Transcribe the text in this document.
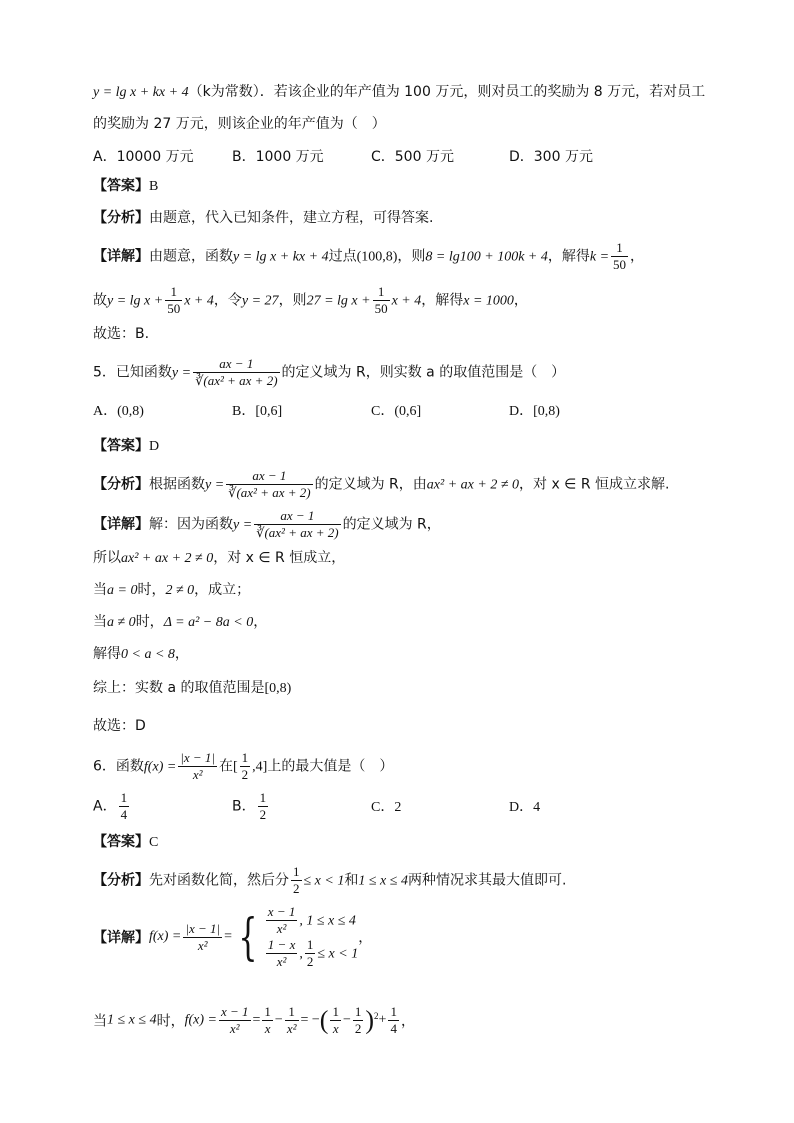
y = lg x + kx + 4（k为常数）．若该企业的年产值为 100 万元，则对员工的奖励为 8 万元，若对员工
的奖励为 27 万元，则该企业的年产值为（　）
A．10000 万元	B．1000 万元	C．500 万元	D．300 万元
【答案】B
【分析】由题意，代入已知条件，建立方程，可得答案.
【详解】由题意，函数y = lg x + kx + 4过点(100,8)，则8 = lg100 + 100k + 4，解得$k = \frac{1}{50}$ ，
故$y = \lg x + \frac{1}{50}$ x + 4，令y = 27，则$27 = \lg x + \frac{1}{50}$ x + 4，解得x = 1000，
故选：B.
5．已知函数$y = \frac{ax - 1}{\text{∛(ax² + ax + 2)}}$ 的定义域为 R，则实数 a 的取值范围是（　）
A．(0,8)	B．[0,6]	C．(0,6]	D．[0,8)
【答案】D
【分析】根据函数$y = \frac{ax - 1}{\text{∛(ax² + ax + 2)}}$ 的定义域为 R，由ax² + ax + 2 ≠ 0，对 x ∈ R 恒成立求解.
【详解】解：因为函数$y = \frac{ax - 1}{\text{∛(ax² + ax + 2)}}$ 的定义域为 R，
所以ax² + ax + 2 ≠ 0，对 x ∈ R 恒成立，
当a = 0时，2 ≠ 0，成立；
当a ≠ 0时，Δ = a² − 8a < 0，
解得0 < a < 8，
综上：实数 a 的取值范围是[0,8)
故选：D
6．函数$f(x) = \frac{|x - 1|}{\text{x²}}$ 在[ $\frac{1}{2} ,4$]上的最大值是（　）
A． $\frac{1}{4}$	B． $\frac{1}{2}$	C．2	D．4
【答案】C
【分析】先对函数化简，然后分 $\frac{1}{2} \le x < 1$和1 ≤ x ≤ 4两种情况求其最大值即可.
【详解】$f(x) = \frac{|x - 1|}{\text{x²}}$ = { $\frac{x - 1}{\text{x²}}$ , 1 ≤ x ≤ 4
$\frac{1 - x}{\text{x²}}$ , $\frac{1}{2} \le x < 1$
，
当1 ≤ x ≤ 4时，$f(x) = \frac{x - 1}{\text{x²}} = \frac{1}{x} - \frac{1}{\text{x²}}$ = −( $\frac{1}{x} - \frac{1}{2} )^2+ \frac{1}{4}$ ，
